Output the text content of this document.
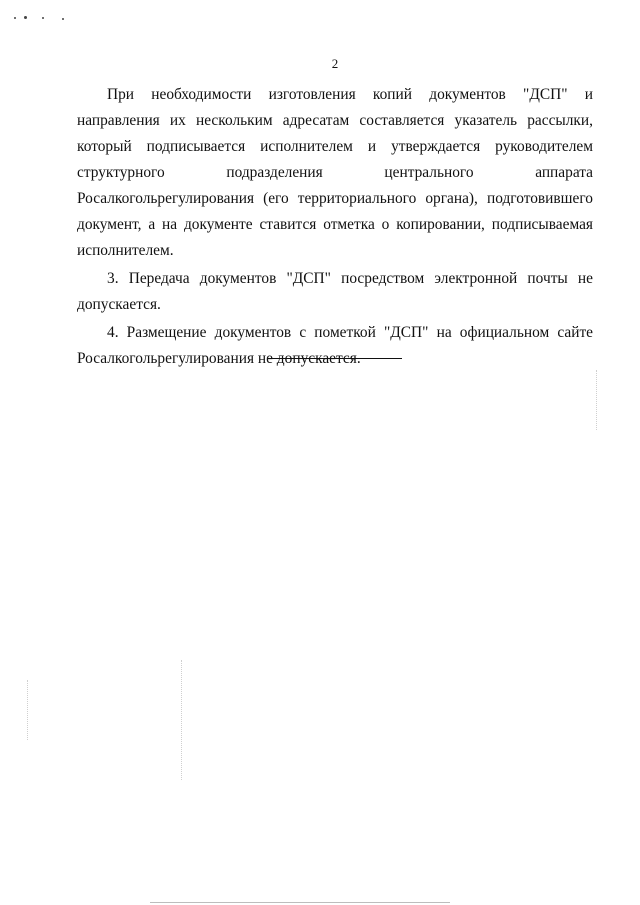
2

При необходимости изготовления копий документов "ДСП" и направления их нескольким адресатам составляется указатель рассылки, который подписывается исполнителем и утверждается руководителем структурного подразделения центрального аппарата Росалкогольрегулирования (его территориального органа), подготовившего документ, а на документе ставится отметка о копировании, подписываемая исполнителем.

3. Передача документов "ДСП" посредством электронной почты не допускается.

4. Размещение документов с пометкой "ДСП" на официальном сайте Росалкогольрегулирования не допускается.
